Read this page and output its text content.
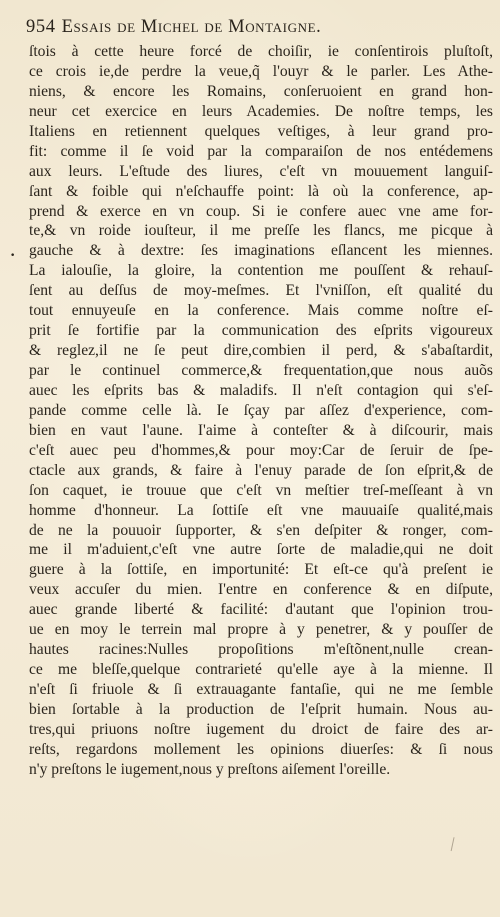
954 Essais de Michel de Montaigne.
•
ſtois à cette heure forcé de choiſir, ie conſentirois pluſtoſt,
ce crois ie,de perdre la veue,q̃ l'ouyr & le parler. Les Athe-
niens, & encore les Romains, conſeruoient en grand hon-
neur cet exercice en leurs Academies. De noſtre temps, les
Italiens en retiennent quelques veſtiges, à leur grand pro-
fit: comme il ſe void par la comparaiſon de nos entédemens
aux leurs. L'eſtude des liures, c'eſt vn mouuement languiſ-
ſant & foible qui n'eſchauffe point: là où la conference, ap-
prend & exerce en vn coup. Si ie confere auec vne ame for-
te,& vn roide iouſteur, il me preſſe les flancs, me picque à
gauche & à dextre: ſes imaginations eſlancent les miennes.
La ialouſie, la gloire, la contention me pouſſent & rehauſ-
ſent au deſſus de moy-meſmes. Et l'vniſſon, eſt qualité du
tout ennuyeuſe en la conference. Mais comme noſtre eſ-
prit ſe fortifie par la communication des eſprits vigoureux
& reglez,il ne ſe peut dire,combien il perd, & s'abaſtardit,
par le continuel commerce,& frequentation,que nous auõs
auec les eſprits bas & maladifs. Il n'eſt contagion qui s'eſ-
pande comme celle là. Ie ſçay par aſſez d'experience, com-
bien en vaut l'aune. I'aime à conteſter & à diſcourir, mais
c'eſt auec peu d'hommes,& pour moy:Car de ſeruir de ſpe-
ctacle aux grands, & faire à l'enuy parade de ſon eſprit,& de
ſon caquet, ie trouue que c'eſt vn meſtier treſ-meſſeant à vn
homme d'honneur. La ſottiſe eſt vne mauuaiſe qualité,mais
de ne la pouuoir ſupporter, & s'en deſpiter & ronger, com-
me il m'aduient,c'eſt vne autre ſorte de maladie,qui ne doit
guere à la ſottiſe, en importunité: Et eſt-ce qu'à preſent ie
veux accuſer du mien. I'entre en conference & en diſpute,
auec grande liberté & facilité: d'autant que l'opinion trou-
ue en moy le terrein mal propre à y penetrer, & y pouſſer de
hautes racines:Nulles propoſitions m'eſtõnent,nulle crean-
ce me bleſſe,quelque contrarieté qu'elle aye à la mienne. Il
n'eſt ſi friuole & ſi extrauagante fantaſie, qui ne me ſemble
bien ſortable à la production de l'eſprit humain. Nous au-
tres,qui priuons noſtre iugement du droict de faire des ar-
reſts, regardons mollement les opinions diuerſes: & ſi nous
n'y preſtons le iugement,nous y preſtons aiſement l'oreille.
